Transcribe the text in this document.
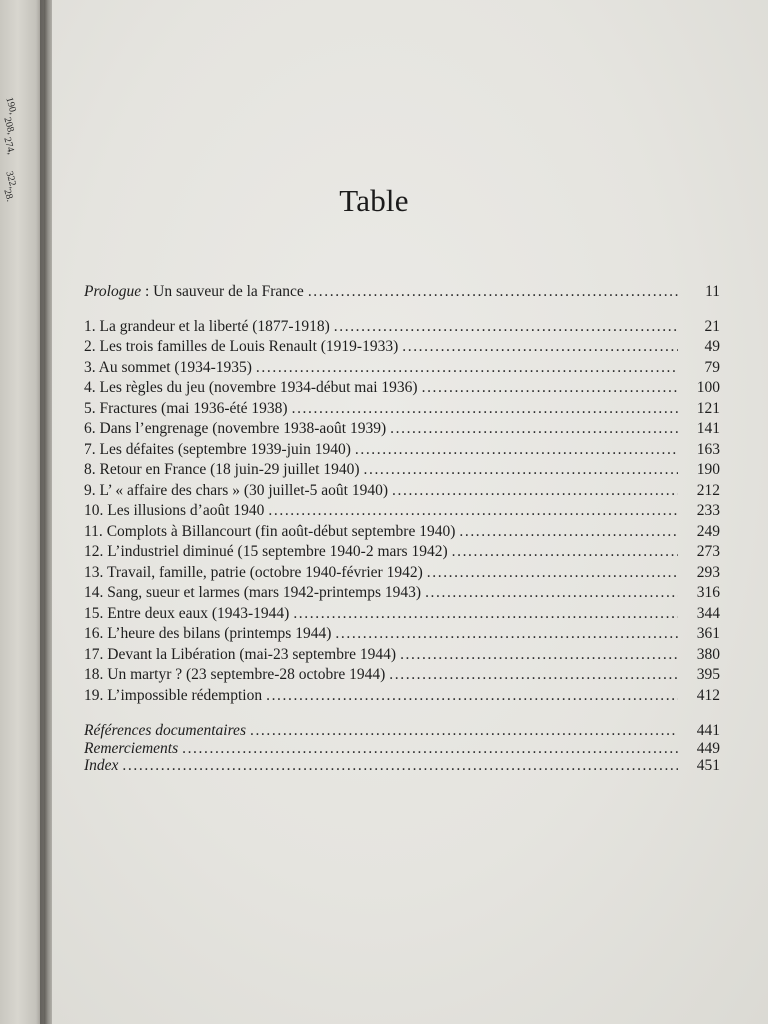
190,
208,
274,
322,
28.	Table
Prologue : Un sauveur de la France .....	11
1. La grandeur et la liberté (1877-1918) .....	21
2. Les trois familles de Louis Renault (1919-1933) .....	49
3. Au sommet (1934-1935) .....	79
4. Les règles du jeu (novembre 1934-début mai 1936) .....	100
5. Fractures (mai 1936-été 1938) .....	121
6. Dans l’engrenage (novembre 1938-août 1939) .....	141
7. Les défaites (septembre 1939-juin 1940) .....	163
8. Retour en France (18 juin-29 juillet 1940) .....	190
9. L’ « affaire des chars » (30 juillet-5 août 1940) .....	212
10. Les illusions d’août 1940 .....	233
11. Complots à Billancourt (fin août-début septembre 1940) .....	249
12. L’industriel diminué (15 septembre 1940-2 mars 1942) .....	273
13. Travail, famille, patrie (octobre 1940-février 1942) .....	293
14. Sang, sueur et larmes (mars 1942-printemps 1943) .....	316
15. Entre deux eaux (1943-1944) .....	344
16. L’heure des bilans (printemps 1944) .....	361
17. Devant la Libération (mai-23 septembre 1944) .....	380
18. Un martyr ? (23 septembre-28 octobre 1944) .....	395
19. L’impossible rédemption .....	412
Références documentaires .....	441
Remerciements .....	449
Index .....	451
